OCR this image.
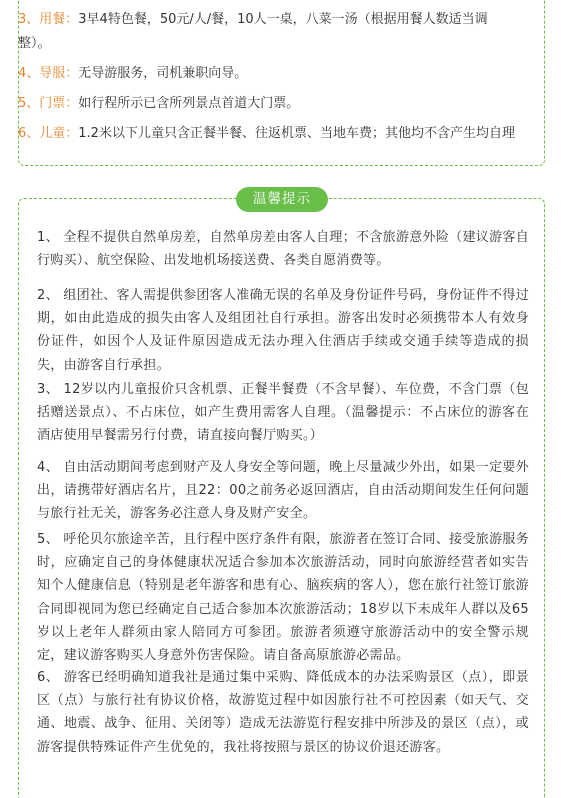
3、用餐：3早4特色餐，50元/人/餐，10人一桌，八菜一汤（根据用餐人数适当调整）。

4、导服：无导游服务，司机兼职向导。

5、门票：如行程所示已含所列景点首道大门票。

6、儿童：1.2米以下儿童只含正餐半餐、往返机票、当地车费；其他均不含产生均自理

温馨提示

1、 全程不提供自然单房差，自然单房差由客人自理；不含旅游意外险（建议游客自行购买）、航空保险、出发地机场接送费、各类自愿消费等。

2、 组团社、客人需提供参团客人准确无误的名单及身份证件号码，身份证件不得过期，如由此造成的损失由客人及组团社自行承担。游客出发时必须携带本人有效身份证件，如因个人及证件原因造成无法办理入住酒店手续或交通手续等造成的损失，由游客自行承担。

3、 12岁以内儿童报价只含机票、正餐半餐费（不含早餐）、车位费，不含门票（包括赠送景点）、不占床位，如产生费用需客人自理。（温馨提示：不占床位的游客在酒店使用早餐需另行付费，请直接向餐厅购买。）

4、 自由活动期间考虑到财产及人身安全等问题，晚上尽量减少外出，如果一定要外出，请携带好酒店名片，且22：00之前务必返回酒店，自由活动期间发生任何问题与旅行社无关，游客务必注意人身及财产安全。

5、 呼伦贝尔旅途辛苦，且行程中医疗条件有限，旅游者在签订合同、接受旅游服务时，应确定自己的身体健康状况适合参加本次旅游活动，同时向旅游经营者如实告知个人健康信息（特别是老年游客和患有心、脑疾病的客人），您在旅行社签订旅游合同即视同为您已经确定自己适合参加本次旅游活动；18岁以下未成年人群以及65岁以上老年人群须由家人陪同方可参团。旅游者须遵守旅游活动中的安全警示规定，建议游客购买人身意外伤害保险。请自备高原旅游必需品。

6、 游客已经明确知道我社是通过集中采购、降低成本的办法采购景区（点），即景区（点）与旅行社有协议价格，故游览过程中如因旅行社不可控因素（如天气、交通、地震、战争、征用、关闭等）造成无法游览行程安排中所涉及的景区（点），或游客提供特殊证件产生优免的，我社将按照与景区的协议价退还游客。
